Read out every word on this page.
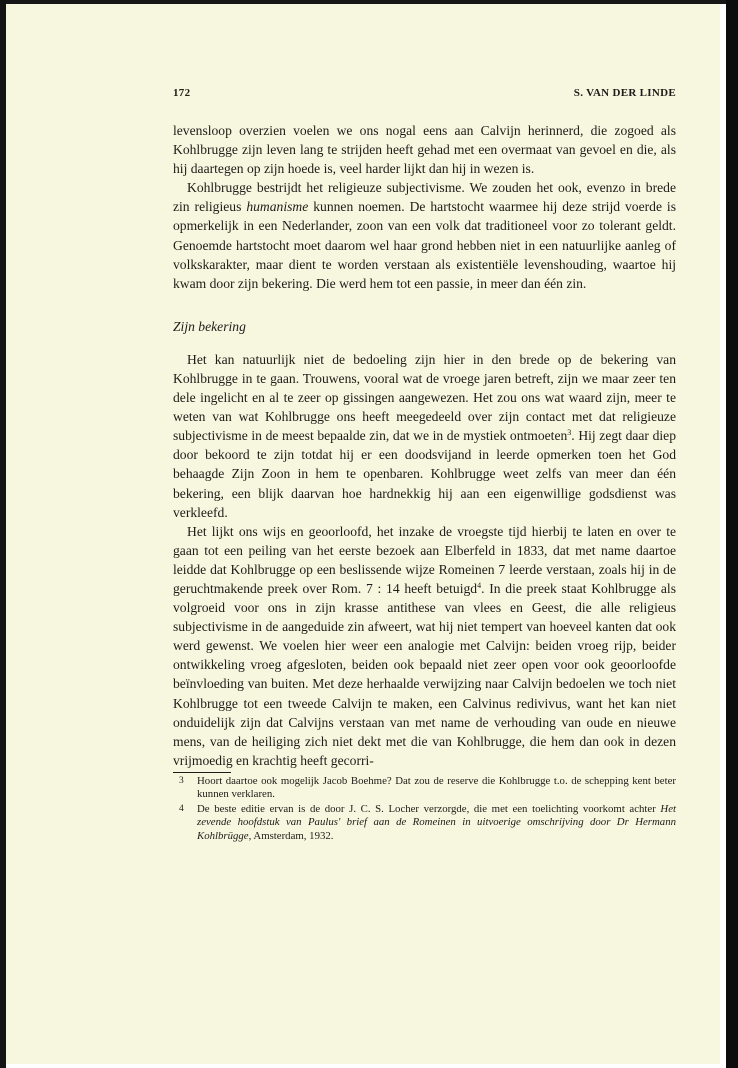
172	S. VAN DER LINDE

levensloop overzien voelen we ons nogal eens aan Calvijn herinnerd, die zogoed als Kohlbrugge zijn leven lang te strijden heeft gehad met een overmaat van gevoel en die, als hij daartegen op zijn hoede is, veel harder lijkt dan hij in wezen is.

Kohlbrugge bestrijdt het religieuze subjectivisme. We zouden het ook, evenzo in brede zin religieus humanisme kunnen noemen. De hartstocht waarmee hij deze strijd voerde is opmerkelijk in een Nederlander, zoon van een volk dat traditioneel voor zo tolerant geldt. Genoemde hartstocht moet daarom wel haar grond hebben niet in een natuurlijke aanleg of volkskarakter, maar dient te worden verstaan als existentiële levenshouding, waartoe hij kwam door zijn bekering. Die werd hem tot een passie, in meer dan één zin.

Zijn bekering

Het kan natuurlijk niet de bedoeling zijn hier in den brede op de bekering van Kohlbrugge in te gaan. Trouwens, vooral wat de vroege jaren betreft, zijn we maar zeer ten dele ingelicht en al te zeer op gissingen aangewezen. Het zou ons wat waard zijn, meer te weten van wat Kohlbrugge ons heeft meegedeeld over zijn contact met dat religieuze subjectivisme in de meest bepaalde zin, dat we in de mystiek ontmoeten$^3$. Hij zegt daar diep door bekoord te zijn totdat hij er een doodsvijand in leerde opmerken toen het God behaagde Zijn Zoon in hem te openbaren. Kohlbrugge weet zelfs van meer dan één bekering, een blijk daarvan hoe hardnekkig hij aan een eigenwillige godsdienst was verkleefd.

Het lijkt ons wijs en geoorloofd, het inzake de vroegste tijd hierbij te laten en over te gaan tot een peiling van het eerste bezoek aan Elberfeld in 1833, dat met name daartoe leidde dat Kohlbrugge op een beslissende wijze Romeinen 7 leerde verstaan, zoals hij in de geruchtmakende preek over Rom. 7 : 14 heeft betuigd$^4$. In die preek staat Kohlbrugge als volgroeid voor ons in zijn krasse antithese van vlees en Geest, die alle religieus subjectivisme in de aangeduide zin afweert, wat hij niet tempert van hoeveel kanten dat ook werd gewenst. We voelen hier weer een analogie met Calvijn: beiden vroeg rijp, beider ontwikkeling vroeg afgesloten, beiden ook bepaald niet zeer open voor ook geoorloofde beïnvloeding van buiten. Met deze herhaalde verwijzing naar Calvijn bedoelen we toch niet Kohlbrugge tot een tweede Calvijn te maken, een Calvinus redivivus, want het kan niet onduidelijk zijn dat Calvijns verstaan van met name de verhouding van oude en nieuwe mens, van de heiliging zich niet dekt met die van Kohlbrugge, die hem dan ook in dezen vrijmoedig en krachtig heeft gecorri-

3 Hoort daartoe ook mogelijk Jacob Boehme? Dat zou de reserve die Kohlbrugge t.o. de schepping kent beter kunnen verklaren.
4 De beste editie ervan is de door J. C. S. Locher verzorgde, die met een toelichting voorkomt achter Het zevende hoofdstuk van Paulus' brief aan de Romeinen in uitvoerige omschrijving door Dr Hermann Kohlbrügge, Amsterdam, 1932.
